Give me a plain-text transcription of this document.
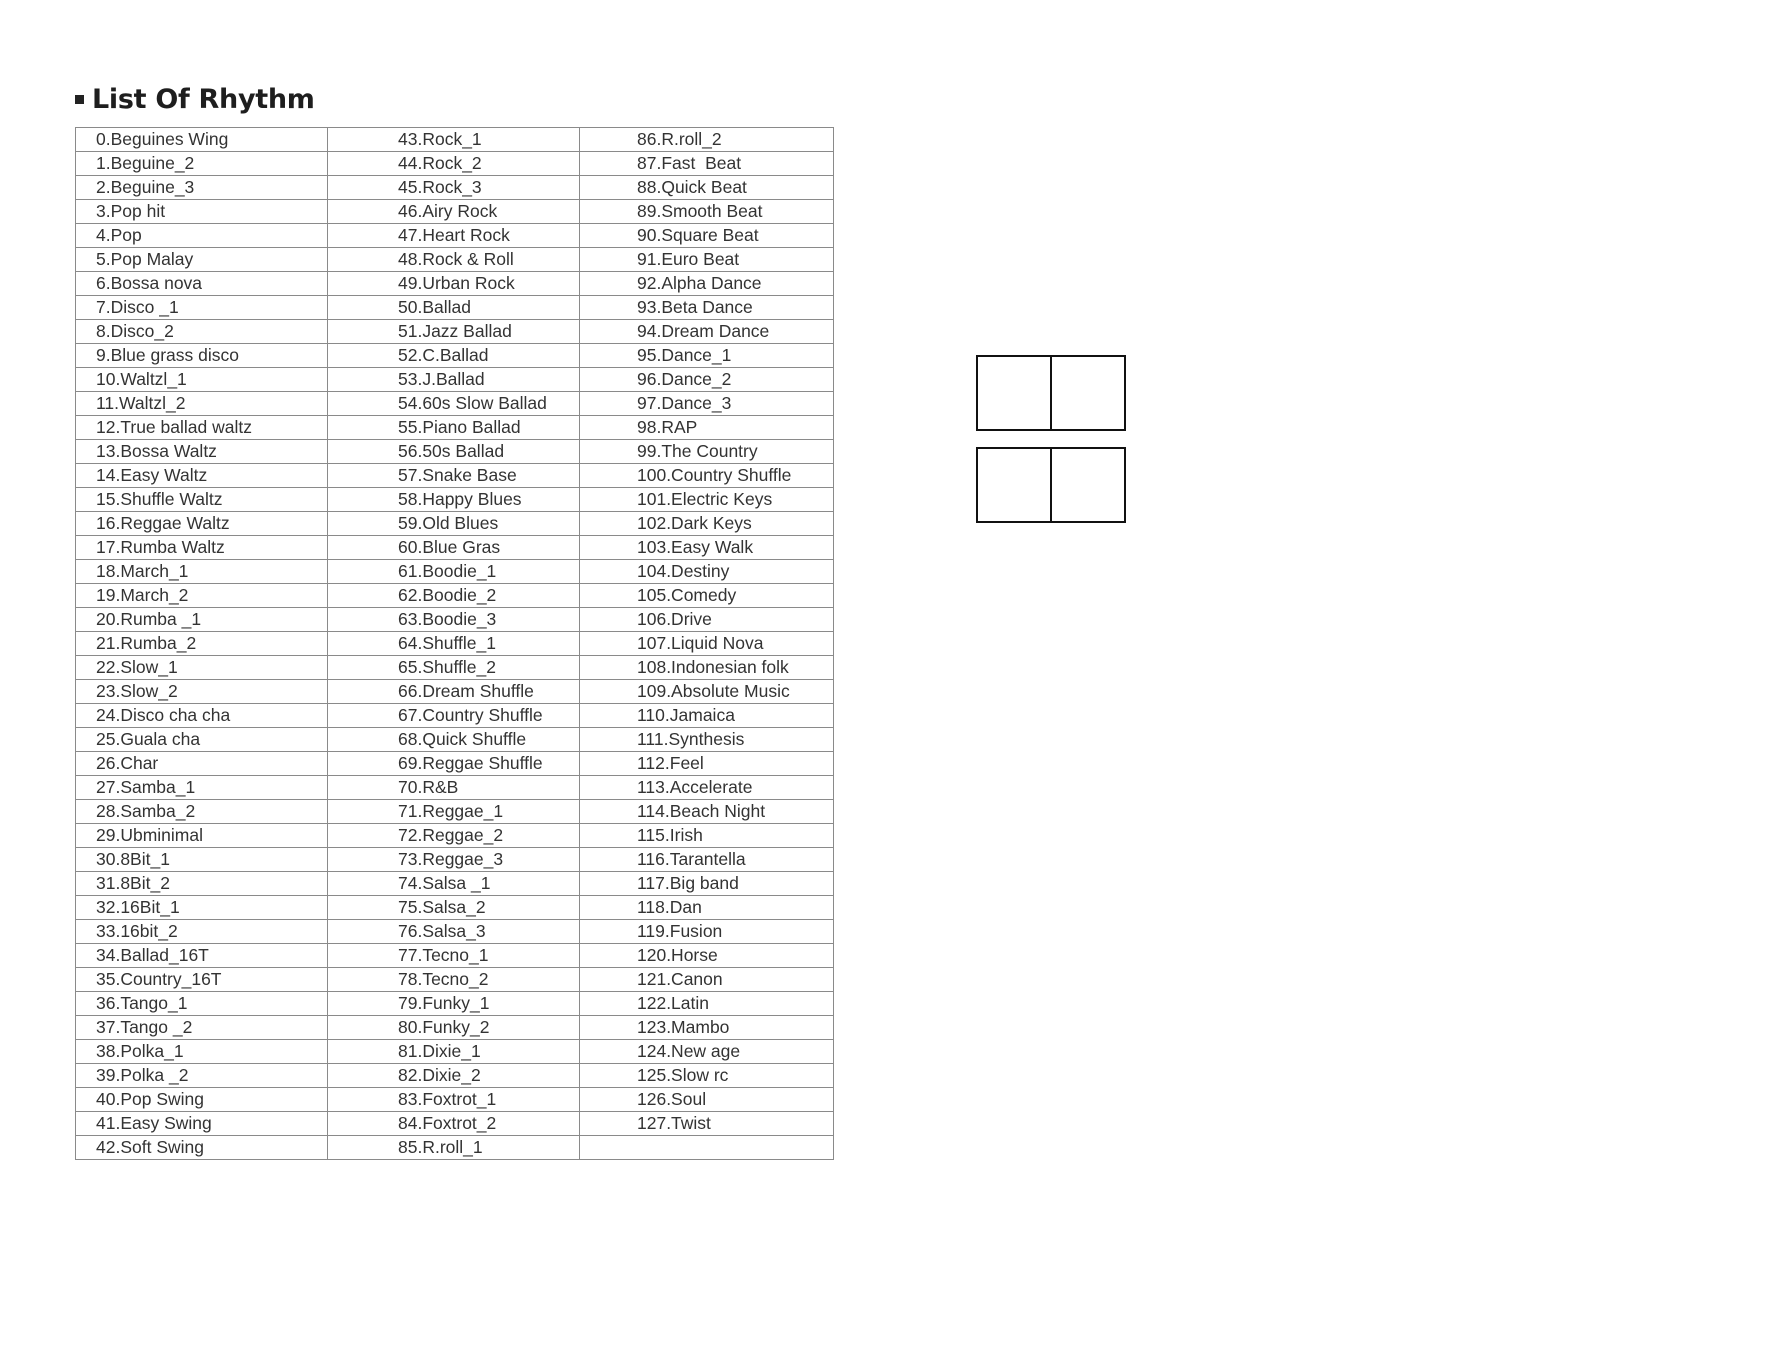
List Of Rhythm
0.Beguines Wing	43.Rock_1	86.R.roll_2
1.Beguine_2	44.Rock_2	87.Fast  Beat
2.Beguine_3	45.Rock_3	88.Quick Beat
3.Pop hit	46.Airy Rock	89.Smooth Beat
4.Pop	47.Heart Rock	90.Square Beat
5.Pop Malay	48.Rock & Roll	91.Euro Beat
6.Bossa nova	49.Urban Rock	92.Alpha Dance
7.Disco _1	50.Ballad	93.Beta Dance
8.Disco_2	51.Jazz Ballad	94.Dream Dance
9.Blue grass disco	52.C.Ballad	95.Dance_1
10.Waltzl_1	53.J.Ballad	96.Dance_2
11.Waltzl_2	54.60s Slow Ballad	97.Dance_3
12.True ballad waltz	55.Piano Ballad	98.RAP
13.Bossa Waltz	56.50s Ballad	99.The Country
14.Easy Waltz	57.Snake Base	100.Country Shuffle
15.Shuffle Waltz	58.Happy Blues	101.Electric Keys
16.Reggae Waltz	59.Old Blues	102.Dark Keys
17.Rumba Waltz	60.Blue Gras	103.Easy Walk
18.March_1	61.Boodie_1	104.Destiny
19.March_2	62.Boodie_2	105.Comedy
20.Rumba _1	63.Boodie_3	106.Drive
21.Rumba_2	64.Shuffle_1	107.Liquid Nova
22.Slow_1	65.Shuffle_2	108.Indonesian folk
23.Slow_2	66.Dream Shuffle	109.Absolute Music
24.Disco cha cha	67.Country Shuffle	110.Jamaica
25.Guala cha	68.Quick Shuffle	111.Synthesis
26.Char	69.Reggae Shuffle	112.Feel
27.Samba_1	70.R&B	113.Accelerate
28.Samba_2	71.Reggae_1	114.Beach Night
29.Ubminimal	72.Reggae_2	115.Irish
30.8Bit_1	73.Reggae_3	116.Tarantella
31.8Bit_2	74.Salsa _1	117.Big band
32.16Bit_1	75.Salsa_2	118.Dan
33.16bit_2	76.Salsa_3	119.Fusion
34.Ballad_16T	77.Tecno_1	120.Horse
35.Country_16T	78.Tecno_2	121.Canon
36.Tango_1	79.Funky_1	122.Latin
37.Tango _2	80.Funky_2	123.Mambo
38.Polka_1	81.Dixie_1	124.New age
39.Polka _2	82.Dixie_2	125.Slow rc
40.Pop Swing	83.Foxtrot_1	126.Soul
41.Easy Swing	84.Foxtrot_2	127.Twist
42.Soft Swing	85.R.roll_1	
